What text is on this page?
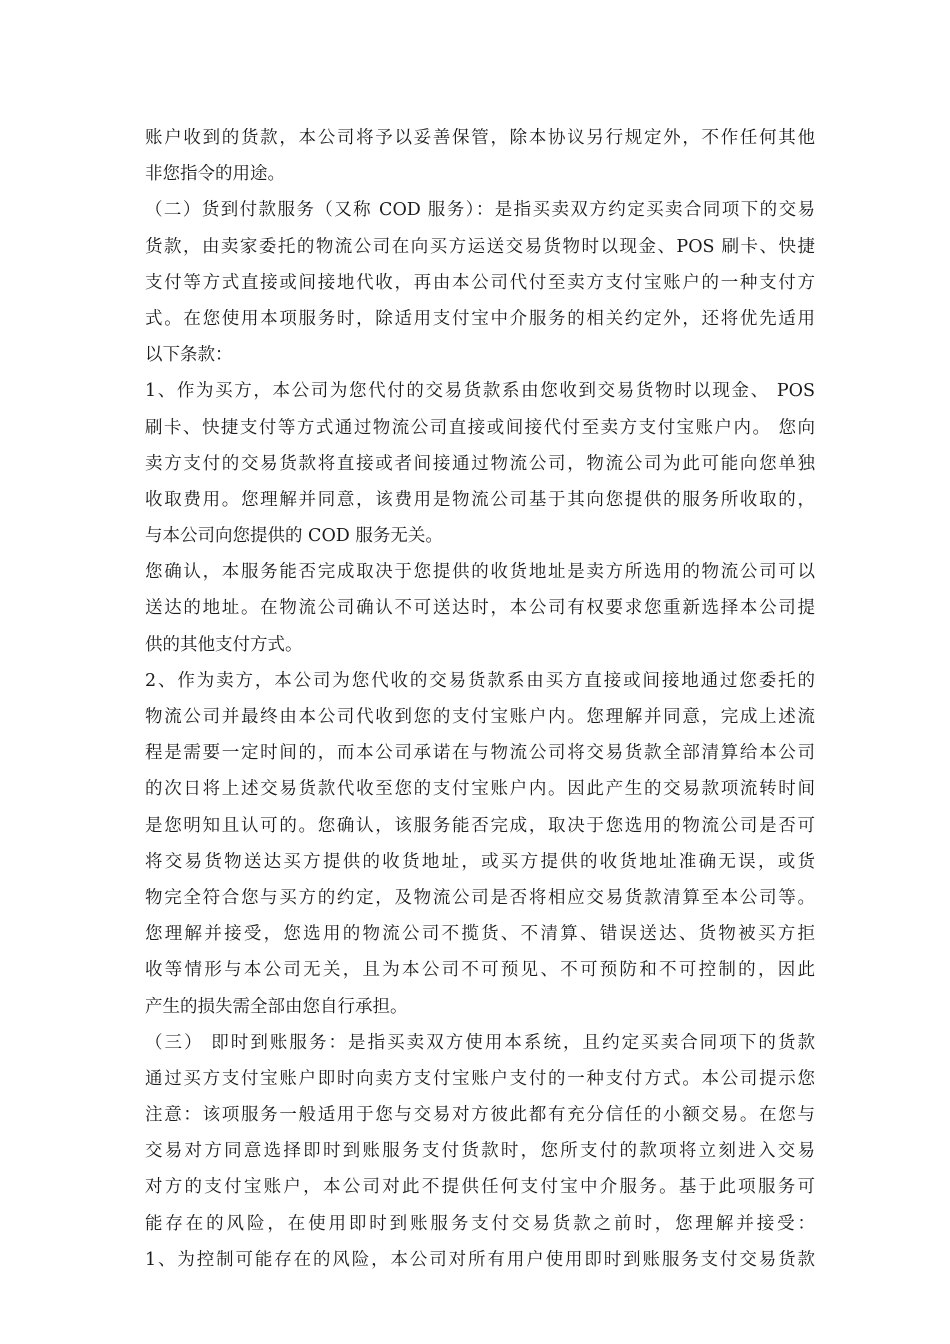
账户收到的货款，本公司将予以妥善保管，除本协议另行规定外，不作任何其他
非您指令的用途。
（二）货到付款服务（又称 COD 服务）：是指买卖双方约定买卖合同项下的交易
货款，由卖家委托的物流公司在向买方运送交易货物时以现金、POS 刷卡、快捷
支付等方式直接或间接地代收，再由本公司代付至卖方支付宝账户的一种支付方
式。在您使用本项服务时，除适用支付宝中介服务的相关约定外，还将优先适用
以下条款：
1、作为买方，本公司为您代付的交易货款系由您收到交易货物时以现金、 POS
刷卡、快捷支付等方式通过物流公司直接或间接代付至卖方支付宝账户内。 您向
卖方支付的交易货款将直接或者间接通过物流公司，物流公司为此可能向您单独
收取费用。您理解并同意，该费用是物流公司基于其向您提供的服务所收取的，
与本公司向您提供的 COD 服务无关。
您确认，本服务能否完成取决于您提供的收货地址是卖方所选用的物流公司可以
送达的地址。在物流公司确认不可送达时，本公司有权要求您重新选择本公司提
供的其他支付方式。
2、作为卖方，本公司为您代收的交易货款系由买方直接或间接地通过您委托的
物流公司并最终由本公司代收到您的支付宝账户内。您理解并同意，完成上述流
程是需要一定时间的，而本公司承诺在与物流公司将交易货款全部清算给本公司
的次日将上述交易货款代收至您的支付宝账户内。因此产生的交易款项流转时间
是您明知且认可的。您确认，该服务能否完成，取决于您选用的物流公司是否可
将交易货物送达买方提供的收货地址，或买方提供的收货地址准确无误，或货
物完全符合您与买方的约定，及物流公司是否将相应交易货款清算至本公司等。
您理解并接受，您选用的物流公司不揽货、不清算、错误送达、货物被买方拒
收等情形与本公司无关，且为本公司不可预见、不可预防和不可控制的，因此
产生的损失需全部由您自行承担。
（三） 即时到账服务：是指买卖双方使用本系统，且约定买卖合同项下的货款
通过买方支付宝账户即时向卖方支付宝账户支付的一种支付方式。本公司提示您
注意：该项服务一般适用于您与交易对方彼此都有充分信任的小额交易。在您与
交易对方同意选择即时到账服务支付货款时，您所支付的款项将立刻进入交易
对方的支付宝账户，本公司对此不提供任何支付宝中介服务。基于此项服务可
能存在的风险，在使用即时到账服务支付交易货款之前时，您理解并接受：
1、为控制可能存在的风险，本公司对所有用户使用即时到账服务支付交易货款
